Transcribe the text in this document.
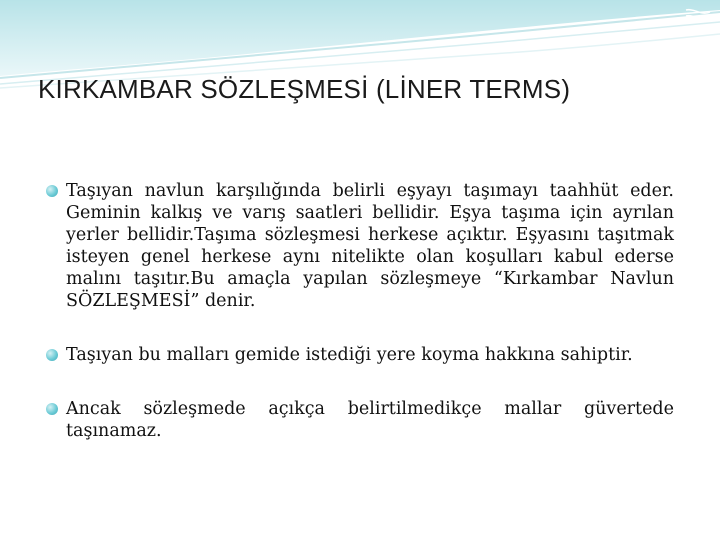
KIRKAMBAR SÖZLEŞMESİ (LİNER TERMS)
Taşıyan navlun karşılığında belirli eşyayı taşımayı taahhüt eder. Geminin kalkış ve varış saatleri bellidir. Eşya taşıma için ayrılan yerler bellidir.Taşıma sözleşmesi herkese açıktır. Eşyasını taşıtmak isteyen genel herkese aynı nitelikte olan koşulları kabul ederse malını taşıtır.Bu amaçla yapılan sözleşmeye “Kırkambar Navlun SÖZLEŞMESİ” denir.
Taşıyan bu malları gemide istediği yere koyma hakkına sahiptir.
Ancak sözleşmede açıkça belirtilmedikçe mallar güvertede taşınamaz.
